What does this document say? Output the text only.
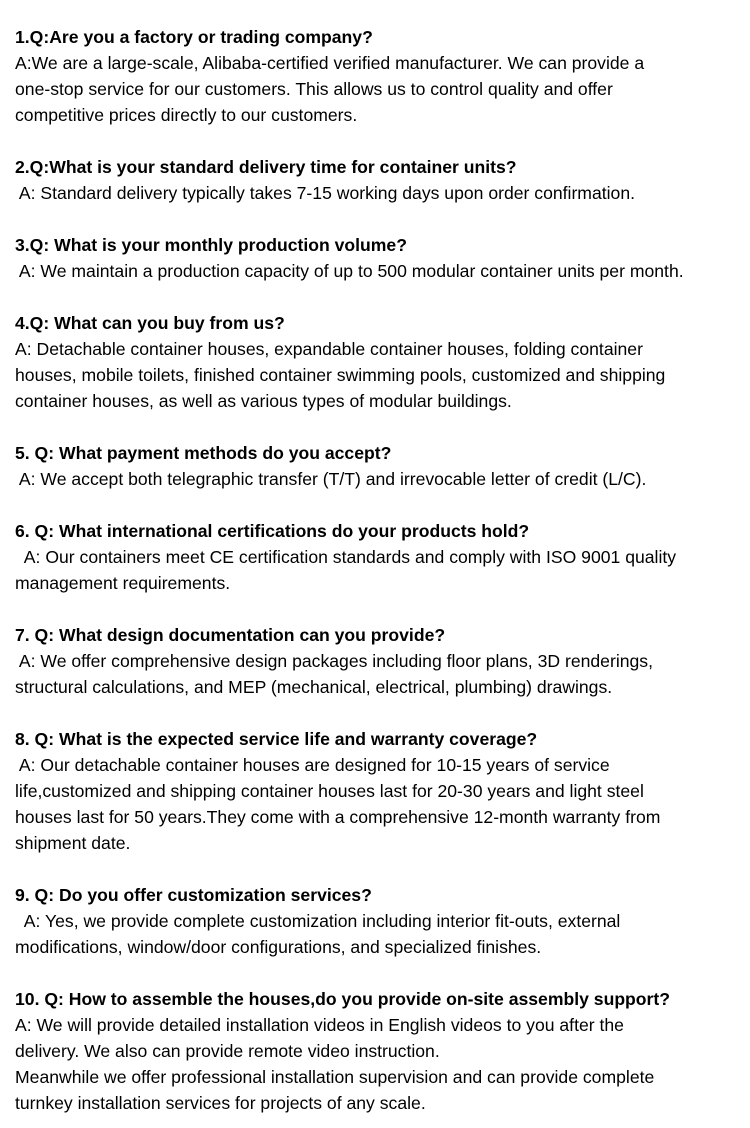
1.Q:Are you a factory or trading company?
A:We are a large-scale, Alibaba-certified verified manufacturer. We can provide a
one-stop service for our customers. This allows us to control quality and offer
competitive prices directly to our customers.
2.Q:What is your standard delivery time for container units?
A: Standard delivery typically takes 7-15 working days upon order confirmation.
3.Q: What is your monthly production volume?
A: We maintain a production capacity of up to 500 modular container units per month.
4.Q: What can you buy from us?
A: Detachable container houses, expandable container houses, folding container
houses, mobile toilets, finished container swimming pools, customized and shipping
container houses, as well as various types of modular buildings.
5. Q: What payment methods do you accept?
A: We accept both telegraphic transfer (T/T) and irrevocable letter of credit (L/C).
6. Q: What international certifications do your products hold?
A: Our containers meet CE certification standards and comply with ISO 9001 quality
management requirements.
7. Q: What design documentation can you provide?
A: We offer comprehensive design packages including floor plans, 3D renderings,
structural calculations, and MEP (mechanical, electrical, plumbing) drawings.
8. Q: What is the expected service life and warranty coverage?
A: Our detachable container houses are designed for 10-15 years of service
life,customized and shipping container houses last for 20-30 years and light steel
houses last for 50 years.They come with a comprehensive 12-month warranty from
shipment date.
9. Q: Do you offer customization services?
A: Yes, we provide complete customization including interior fit-outs, external
modifications, window/door configurations, and specialized finishes.
10. Q: How to assemble the houses,do you provide on-site assembly support?
A: We will provide detailed installation videos in English videos to you after the
delivery. We also can provide remote video instruction.
Meanwhile we offer professional installation supervision and can provide complete
turnkey installation services for projects of any scale.
